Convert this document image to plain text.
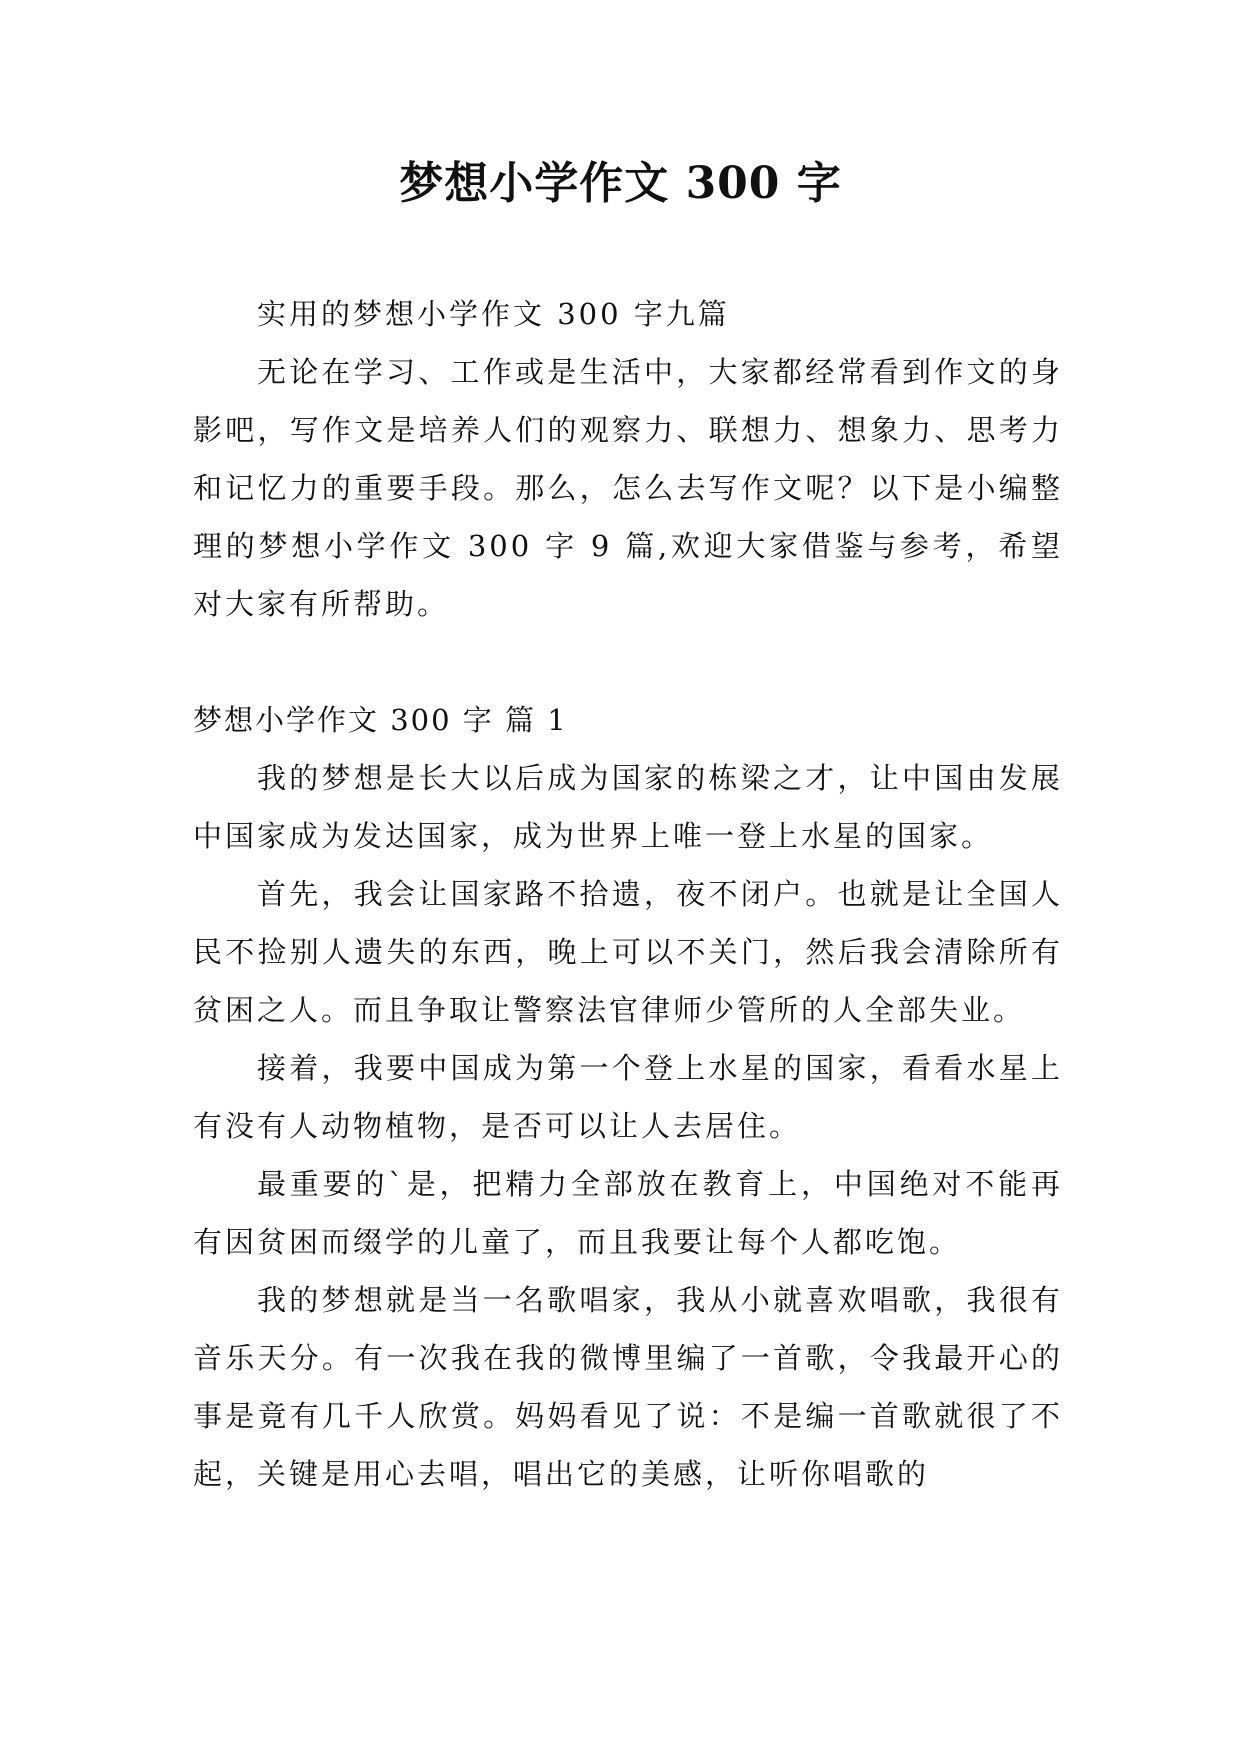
梦想小学作文 300 字

实用的梦想小学作文 300 字九篇

无论在学习、工作或是生活中，大家都经常看到作文的身影吧，写作文是培养人们的观察力、联想力、想象力、思考力和记忆力的重要手段。那么，怎么去写作文呢？以下是小编整理的梦想小学作文 300 字 9 篇,欢迎大家借鉴与参考，希望对大家有所帮助。

梦想小学作文 300 字 篇 1

我的梦想是长大以后成为国家的栋梁之才，让中国由发展中国家成为发达国家，成为世界上唯一登上水星的国家。

首先，我会让国家路不拾遗，夜不闭户。也就是让全国人民不捡别人遗失的东西，晚上可以不关门，然后我会清除所有贫困之人。而且争取让警察法官律师少管所的人全部失业。

接着，我要中国成为第一个登上水星的国家，看看水星上有没有人动物植物，是否可以让人去居住。

最重要的`是，把精力全部放在教育上，中国绝对不能再有因贫困而缀学的儿童了，而且我要让每个人都吃饱。

我的梦想就是当一名歌唱家，我从小就喜欢唱歌，我很有音乐天分。有一次我在我的微博里编了一首歌，令我最开心的事是竟有几千人欣赏。妈妈看见了说：不是编一首歌就很了不起，关键是用心去唱，唱出它的美感，让听你唱歌的
